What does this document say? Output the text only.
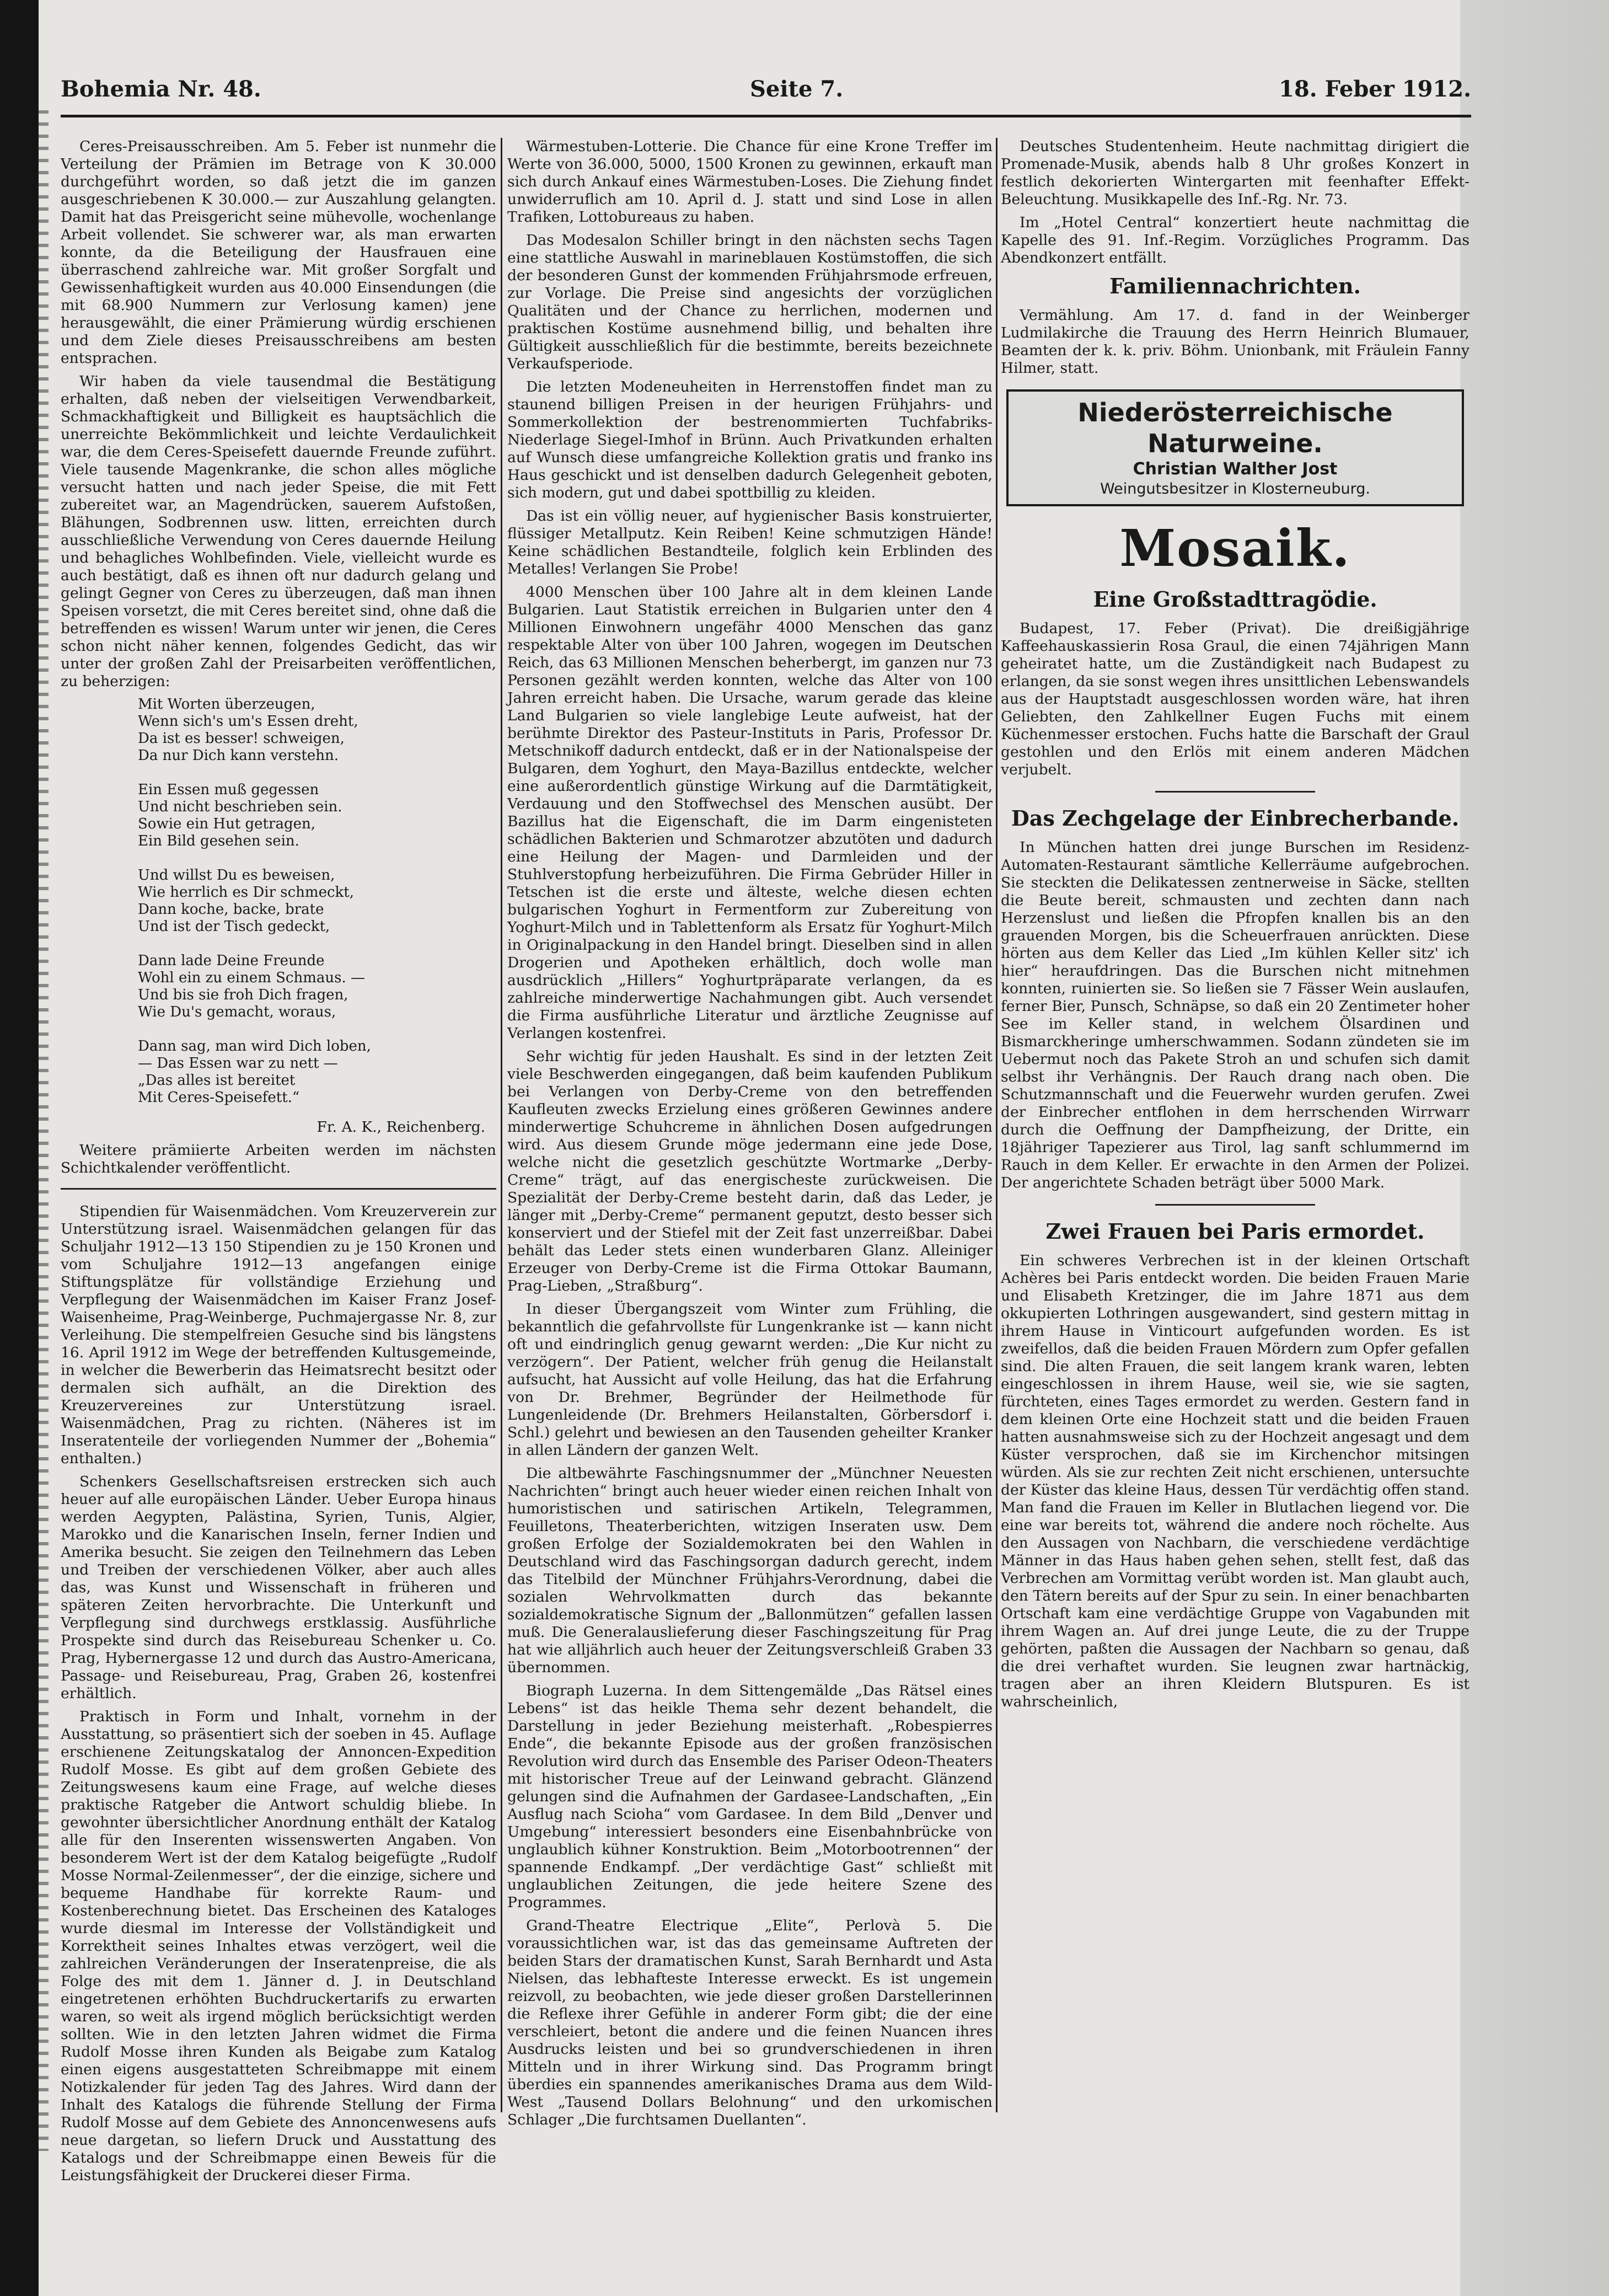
Bohemia Nr. 48.	Seite 7.	18. Feber 1912.

Ceres-Preisausschreiben. Am 5. Feber ist nunmehr die Verteilung der Prämien im Betrage von K 30.000 durchgeführt worden, so daß jetzt die im ganzen ausgeschriebenen K 30.000.— zur Auszahlung gelangten. Damit hat das Preisgericht seine mühevolle, wochenlange Arbeit vollendet. Sie schwerer war, als man erwarten konnte, da die Beteiligung der Hausfrauen eine überraschend zahlreiche war. Mit großer Sorgfalt und Gewissenhaftigkeit wurden aus 40.000 Einsendungen (die mit 68.900 Nummern zur Verlosung kamen) jene herausgewählt, die einer Prämierung würdig erschienen und dem Ziele dieses Preisausschreibens am besten entsprachen.

Wir haben da viele tausendmal die Bestätigung erhalten, daß neben der vielseitigen Verwendbarkeit, Schmackhaftigkeit und Billigkeit es hauptsächlich die unerreichte Bekömmlichkeit und leichte Verdaulichkeit war, die dem Ceres-Speisefett dauernde Freunde zuführt. Viele tausende Magenkranke, die schon alles mögliche versucht hatten und nach jeder Speise, die mit Fett zubereitet war, an Magendrücken, sauerem Aufstoßen, Blähungen, Sodbrennen usw. litten, erreichten durch ausschließliche Verwendung von Ceres dauernde Heilung und behagliches Wohlbefinden. Viele, vielleicht wurde es auch bestätigt, daß es ihnen oft nur dadurch gelang und gelingt Gegner von Ceres zu überzeugen, daß man ihnen Speisen vorsetzt, die mit Ceres bereitet sind, ohne daß die betreffenden es wissen! Warum unter wir jenen, die Ceres schon nicht näher kennen, folgendes Gedicht, das wir unter der großen Zahl der Preisarbeiten veröffentlichen, zu beherzigen:

Mit Worten überzeugen,
Wenn sich's um's Essen dreht,
Da ist es besser! schweigen,
Da nur Dich kann verstehn.

Ein Essen muß gegessen
Und nicht beschrieben sein.
Sowie ein Hut getragen,
Ein Bild gesehen sein.

Und willst Du es beweisen,
Wie herrlich es Dir schmeckt,
Dann koche, backe, brate
Und ist der Tisch gedeckt,

Dann lade Deine Freunde
Wohl ein zu einem Schmaus. —
Und bis sie froh Dich fragen,
Wie Du's gemacht, woraus,

Dann sag, man wird Dich loben,
— Das Essen war zu nett —
„Das alles ist bereitet
Mit Ceres-Speisefett.“

Fr. A. K., Reichenberg.

Weitere prämiierte Arbeiten werden im nächsten Schichtkalender veröffentlicht.

Stipendien für Waisenmädchen. Vom Kreuzerverein zur Unterstützung israel. Waisenmädchen gelangen für das Schuljahr 1912—13 150 Stipendien zu je 150 Kronen und vom Schuljahre 1912—13 angefangen einige Stiftungsplätze für vollständige Erziehung und Verpflegung der Waisenmädchen im Kaiser Franz Josef-Waisenheime, Prag-Weinberge, Puchmajergasse Nr. 8, zur Verleihung. Die stempelfreien Gesuche sind bis längstens 16. April 1912 im Wege der betreffenden Kultusgemeinde, in welcher die Bewerberin das Heimatsrecht besitzt oder dermalen sich aufhält, an die Direktion des Kreuzervereines zur Unterstützung israel. Waisenmädchen, Prag zu richten. (Näheres ist im Inseratenteile der vorliegenden Nummer der „Bohemia“ enthalten.)

Schenkers Gesellschaftsreisen erstrecken sich auch heuer auf alle europäischen Länder. Ueber Europa hinaus werden Aegypten, Palästina, Syrien, Tunis, Algier, Marokko und die Kanarischen Inseln, ferner Indien und Amerika besucht. Sie zeigen den Teilnehmern das Leben und Treiben der verschiedenen Völker, aber auch alles das, was Kunst und Wissenschaft in früheren und späteren Zeiten hervorbrachte. Die Unterkunft und Verpflegung sind durchwegs erstklassig. Ausführliche Prospekte sind durch das Reisebureau Schenker u. Co. Prag, Hybernergasse 12 und durch das Austro-Americana, Passage- und Reisebureau, Prag, Graben 26, kostenfrei erhältlich.

Praktisch in Form und Inhalt, vornehm in der Ausstattung, so präsentiert sich der soeben in 45. Auflage erschienene Zeitungskatalog der Annoncen-Expedition Rudolf Mosse. Es gibt auf dem großen Gebiete des Zeitungswesens kaum eine Frage, auf welche dieses praktische Ratgeber die Antwort schuldig bliebe. In gewohnter übersichtlicher Anordnung enthält der Katalog alle für den Inserenten wissenswerten Angaben. Von besonderem Wert ist der dem Katalog beigefügte „Rudolf Mosse Normal-Zeilenmesser“, der die einzige, sichere und bequeme Handhabe für korrekte Raum- und Kostenberechnung bietet. Das Erscheinen des Kataloges wurde diesmal im Interesse der Vollständigkeit und Korrektheit seines Inhaltes etwas verzögert, weil die zahlreichen Veränderungen der Inseratenpreise, die als Folge des mit dem 1. Jänner d. J. in Deutschland eingetretenen erhöhten Buchdruckertarifs zu erwarten waren, so weit als irgend möglich berücksichtigt werden sollten. Wie in den letzten Jahren widmet die Firma Rudolf Mosse ihren Kunden als Beigabe zum Katalog einen eigens ausgestatteten Schreibmappe mit einem Notizkalender für jeden Tag des Jahres. Wird dann der Inhalt des Katalogs die führende Stellung der Firma Rudolf Mosse auf dem Gebiete des Annoncenwesens aufs neue dargetan, so liefern Druck und Ausstattung des Katalogs und der Schreibmappe einen Beweis für die Leistungsfähigkeit der Druckerei dieser Firma.

Wärmestuben-Lotterie. Die Chance für eine Krone Treffer im Werte von 36.000, 5000, 1500 Kronen zu gewinnen, erkauft man sich durch Ankauf eines Wärmestuben-Loses. Die Ziehung findet unwiderruflich am 10. April d. J. statt und sind Lose in allen Trafiken, Lottobureaus zu haben.

Das Modesalon Schiller bringt in den nächsten sechs Tagen eine stattliche Auswahl in marineblauen Kostümstoffen, die sich der besonderen Gunst der kommenden Frühjahrsmode erfreuen, zur Vorlage. Die Preise sind angesichts der vorzüglichen Qualitäten und der Chance zu herrlichen, modernen und praktischen Kostüme ausnehmend billig, und behalten ihre Gültigkeit ausschließlich für die bestimmte, bereits bezeichnete Verkaufsperiode.

Die letzten Modeneuheiten in Herrenstoffen findet man zu staunend billigen Preisen in der heurigen Frühjahrs- und Sommerkollektion der bestrenommierten Tuchfabriks-Niederlage Siegel-Imhof in Brünn. Auch Privatkunden erhalten auf Wunsch diese umfangreiche Kollektion gratis und franko ins Haus geschickt und ist denselben dadurch Gelegenheit geboten, sich modern, gut und dabei spottbillig zu kleiden.

Das ist ein völlig neuer, auf hygienischer Basis konstruierter, flüssiger Metallputz. Kein Reiben! Keine schmutzigen Hände! Keine schädlichen Bestandteile, folglich kein Erblinden des Metalles! Verlangen Sie Probe!

4000 Menschen über 100 Jahre alt in dem kleinen Lande Bulgarien. Laut Statistik erreichen in Bulgarien unter den 4 Millionen Einwohnern ungefähr 4000 Menschen das ganz respektable Alter von über 100 Jahren, wogegen im Deutschen Reich, das 63 Millionen Menschen beherbergt, im ganzen nur 73 Personen gezählt werden konnten, welche das Alter von 100 Jahren erreicht haben. Die Ursache, warum gerade das kleine Land Bulgarien so viele langlebige Leute aufweist, hat der berühmte Direktor des Pasteur-Instituts in Paris, Professor Dr. Metschnikoff dadurch entdeckt, daß er in der Nationalspeise der Bulgaren, dem Yoghurt, den Maya-Bazillus entdeckte, welcher eine außerordentlich günstige Wirkung auf die Darmtätigkeit, Verdauung und den Stoffwechsel des Menschen ausübt. Der Bazillus hat die Eigenschaft, die im Darm eingenisteten schädlichen Bakterien und Schmarotzer abzutöten und dadurch eine Heilung der Magen- und Darmleiden und der Stuhlverstopfung herbeizuführen. Die Firma Gebrüder Hiller in Tetschen ist die erste und älteste, welche diesen echten bulgarischen Yoghurt in Fermentform zur Zubereitung von Yoghurt-Milch und in Tablettenform als Ersatz für Yoghurt-Milch in Originalpackung in den Handel bringt. Dieselben sind in allen Drogerien und Apotheken erhältlich, doch wolle man ausdrücklich „Hillers“ Yoghurtpräparate verlangen, da es zahlreiche minderwertige Nachahmungen gibt. Auch versendet die Firma ausführliche Literatur und ärztliche Zeugnisse auf Verlangen kostenfrei.

Sehr wichtig für jeden Haushalt. Es sind in der letzten Zeit viele Beschwerden eingegangen, daß beim kaufenden Publikum bei Verlangen von Derby-Creme von den betreffenden Kaufleuten zwecks Erzielung eines größeren Gewinnes andere minderwertige Schuhcreme in ähnlichen Dosen aufgedrungen wird. Aus diesem Grunde möge jedermann eine jede Dose, welche nicht die gesetzlich geschützte Wortmarke „Derby-Creme“ trägt, auf das energischeste zurückweisen. Die Spezialität der Derby-Creme besteht darin, daß das Leder, je länger mit „Derby-Creme“ permanent geputzt, desto besser sich konserviert und der Stiefel mit der Zeit fast unzerreißbar. Dabei behält das Leder stets einen wunderbaren Glanz. Alleiniger Erzeuger von Derby-Creme ist die Firma Ottokar Baumann, Prag-Lieben, „Straßburg“.

In dieser Übergangszeit vom Winter zum Frühling, die bekanntlich die gefahrvollste für Lungenkranke ist — kann nicht oft und eindringlich genug gewarnt werden: „Die Kur nicht zu verzögern“. Der Patient, welcher früh genug die Heilanstalt aufsucht, hat Aussicht auf volle Heilung, das hat die Erfahrung von Dr. Brehmer, Begründer der Heilmethode für Lungenleidende (Dr. Brehmers Heilanstalten, Görbersdorf i. Schl.) gelehrt und bewiesen an den Tausenden geheilter Kranker in allen Ländern der ganzen Welt.

Die altbewährte Faschingsnummer der „Münchner Neuesten Nachrichten“ bringt auch heuer wieder einen reichen Inhalt von humoristischen und satirischen Artikeln, Telegrammen, Feuilletons, Theaterberichten, witzigen Inseraten usw. Dem großen Erfolge der Sozialdemokraten bei den Wahlen in Deutschland wird das Faschingsorgan dadurch gerecht, indem das Titelbild der Münchner Frühjahrs-Verordnung, dabei die sozialen Wehrvolkmatten durch das bekannte sozialdemokratische Signum der „Ballonmützen“ gefallen lassen muß. Die Generalauslieferung dieser Faschingszeitung für Prag hat wie alljährlich auch heuer der Zeitungsverschleiß Graben 33 übernommen.

Biograph Luzerna. In dem Sittengemälde „Das Rätsel eines Lebens“ ist das heikle Thema sehr dezent behandelt, die Darstellung in jeder Beziehung meisterhaft. „Robespierres Ende“, die bekannte Episode aus der großen französischen Revolution wird durch das Ensemble des Pariser Odeon-Theaters mit historischer Treue auf der Leinwand gebracht. Glänzend gelungen sind die Aufnahmen der Gardasee-Landschaften, „Ein Ausflug nach Scioha“ vom Gardasee. In dem Bild „Denver und Umgebung“ interessiert besonders eine Eisenbahnbrücke von unglaublich kühner Konstruktion. Beim „Motorbootrennen“ der spannende Endkampf. „Der verdächtige Gast“ schließt mit unglaublichen Zeitungen, die jede heitere Szene des Programmes.

Grand-Theatre Electrique „Elite“, Perlovà 5. Die voraussichtlichen war, ist das das gemeinsame Auftreten der beiden Stars der dramatischen Kunst, Sarah Bernhardt und Asta Nielsen, das lebhafteste Interesse erweckt. Es ist ungemein reizvoll, zu beobachten, wie jede dieser großen Darstellerinnen die Reflexe ihrer Gefühle in anderer Form gibt; die der eine verschleiert, betont die andere und die feinen Nuancen ihres Ausdrucks leisten und bei so grundverschiedenen in ihren Mitteln und in ihrer Wirkung sind. Das Programm bringt überdies ein spannendes amerikanisches Drama aus dem Wild-West „Tausend Dollars Belohnung“ und den urkomischen Schlager „Die furchtsamen Duellanten“.

Deutsches Studentenheim. Heute nachmittag dirigiert die Promenade-Musik, abends halb 8 Uhr großes Konzert in festlich dekorierten Wintergarten mit feenhafter Effekt-Beleuchtung. Musikkapelle des Inf.-Rg. Nr. 73.

Im „Hotel Central“ konzertiert heute nachmittag die Kapelle des 91. Inf.-Regim. Vorzügliches Programm. Das Abendkonzert entfällt.

Familiennachrichten.

Vermählung. Am 17. d. fand in der Weinberger Ludmilakirche die Trauung des Herrn Heinrich Blumauer, Beamten der k. k. priv. Böhm. Unionbank, mit Fräulein Fanny Hilmer, statt.

Niederösterreichische Naturweine.
Christian Walther Jost
Weingutsbesitzer in Klosterneuburg.
Mosaik.
Eine Großstadttragödie.

Budapest, 17. Feber (Privat). Die dreißigjährige Kaffeehauskassierin Rosa Graul, die einen 74jährigen Mann geheiratet hatte, um die Zuständigkeit nach Budapest zu erlangen, da sie sonst wegen ihres unsittlichen Lebenswandels aus der Hauptstadt ausgeschlossen worden wäre, hat ihren Geliebten, den Zahlkellner Eugen Fuchs mit einem Küchenmesser erstochen. Fuchs hatte die Barschaft der Graul gestohlen und den Erlös mit einem anderen Mädchen verjubelt.

Das Zechgelage der Einbrecherbande.

In München hatten drei junge Burschen im Residenz-Automaten-Restaurant sämtliche Kellerräume aufgebrochen. Sie steckten die Delikatessen zentnerweise in Säcke, stellten die Beute bereit, schmausten und zechten dann nach Herzenslust und ließen die Pfropfen knallen bis an den grauenden Morgen, bis die Scheuerfrauen anrückten. Diese hörten aus dem Keller das Lied „Im kühlen Keller sitz' ich hier“ heraufdringen. Das die Burschen nicht mitnehmen konnten, ruinierten sie. So ließen sie 7 Fässer Wein auslaufen, ferner Bier, Punsch, Schnäpse, so daß ein 20 Zentimeter hoher See im Keller stand, in welchem Ölsardinen und Bismarckheringe umherschwammen. Sodann zündeten sie im Uebermut noch das Pakete Stroh an und schufen sich damit selbst ihr Verhängnis. Der Rauch drang nach oben. Die Schutzmannschaft und die Feuerwehr wurden gerufen. Zwei der Einbrecher entflohen in dem herrschenden Wirrwarr durch die Oeffnung der Dampfheizung, der Dritte, ein 18jähriger Tapezierer aus Tirol, lag sanft schlummernd im Rauch in dem Keller. Er erwachte in den Armen der Polizei. Der angerichtete Schaden beträgt über 5000 Mark.

Zwei Frauen bei Paris ermordet.

Ein schweres Verbrechen ist in der kleinen Ortschaft Achères bei Paris entdeckt worden. Die beiden Frauen Marie und Elisabeth Kretzinger, die im Jahre 1871 aus dem okkupierten Lothringen ausgewandert, sind gestern mittag in ihrem Hause in Vinticourt aufgefunden worden. Es ist zweifellos, daß die beiden Frauen Mördern zum Opfer gefallen sind. Die alten Frauen, die seit langem krank waren, lebten eingeschlossen in ihrem Hause, weil sie, wie sie sagten, fürchteten, eines Tages ermordet zu werden. Gestern fand in dem kleinen Orte eine Hochzeit statt und die beiden Frauen hatten ausnahmsweise sich zu der Hochzeit angesagt und dem Küster versprochen, daß sie im Kirchenchor mitsingen würden. Als sie zur rechten Zeit nicht erschienen, untersuchte der Küster das kleine Haus, dessen Tür verdächtig offen stand. Man fand die Frauen im Keller in Blutlachen liegend vor. Die eine war bereits tot, während die andere noch röchelte. Aus den Aussagen von Nachbarn, die verschiedene verdächtige Männer in das Haus haben gehen sehen, stellt fest, daß das Verbrechen am Vormittag verübt worden ist. Man glaubt auch, den Tätern bereits auf der Spur zu sein. In einer benachbarten Ortschaft kam eine verdächtige Gruppe von Vagabunden mit ihrem Wagen an. Auf drei junge Leute, die zu der Truppe gehörten, paßten die Aussagen der Nachbarn so genau, daß die drei verhaftet wurden. Sie leugnen zwar hartnäckig, tragen aber an ihren Kleidern Blutspuren. Es ist wahrscheinlich,
